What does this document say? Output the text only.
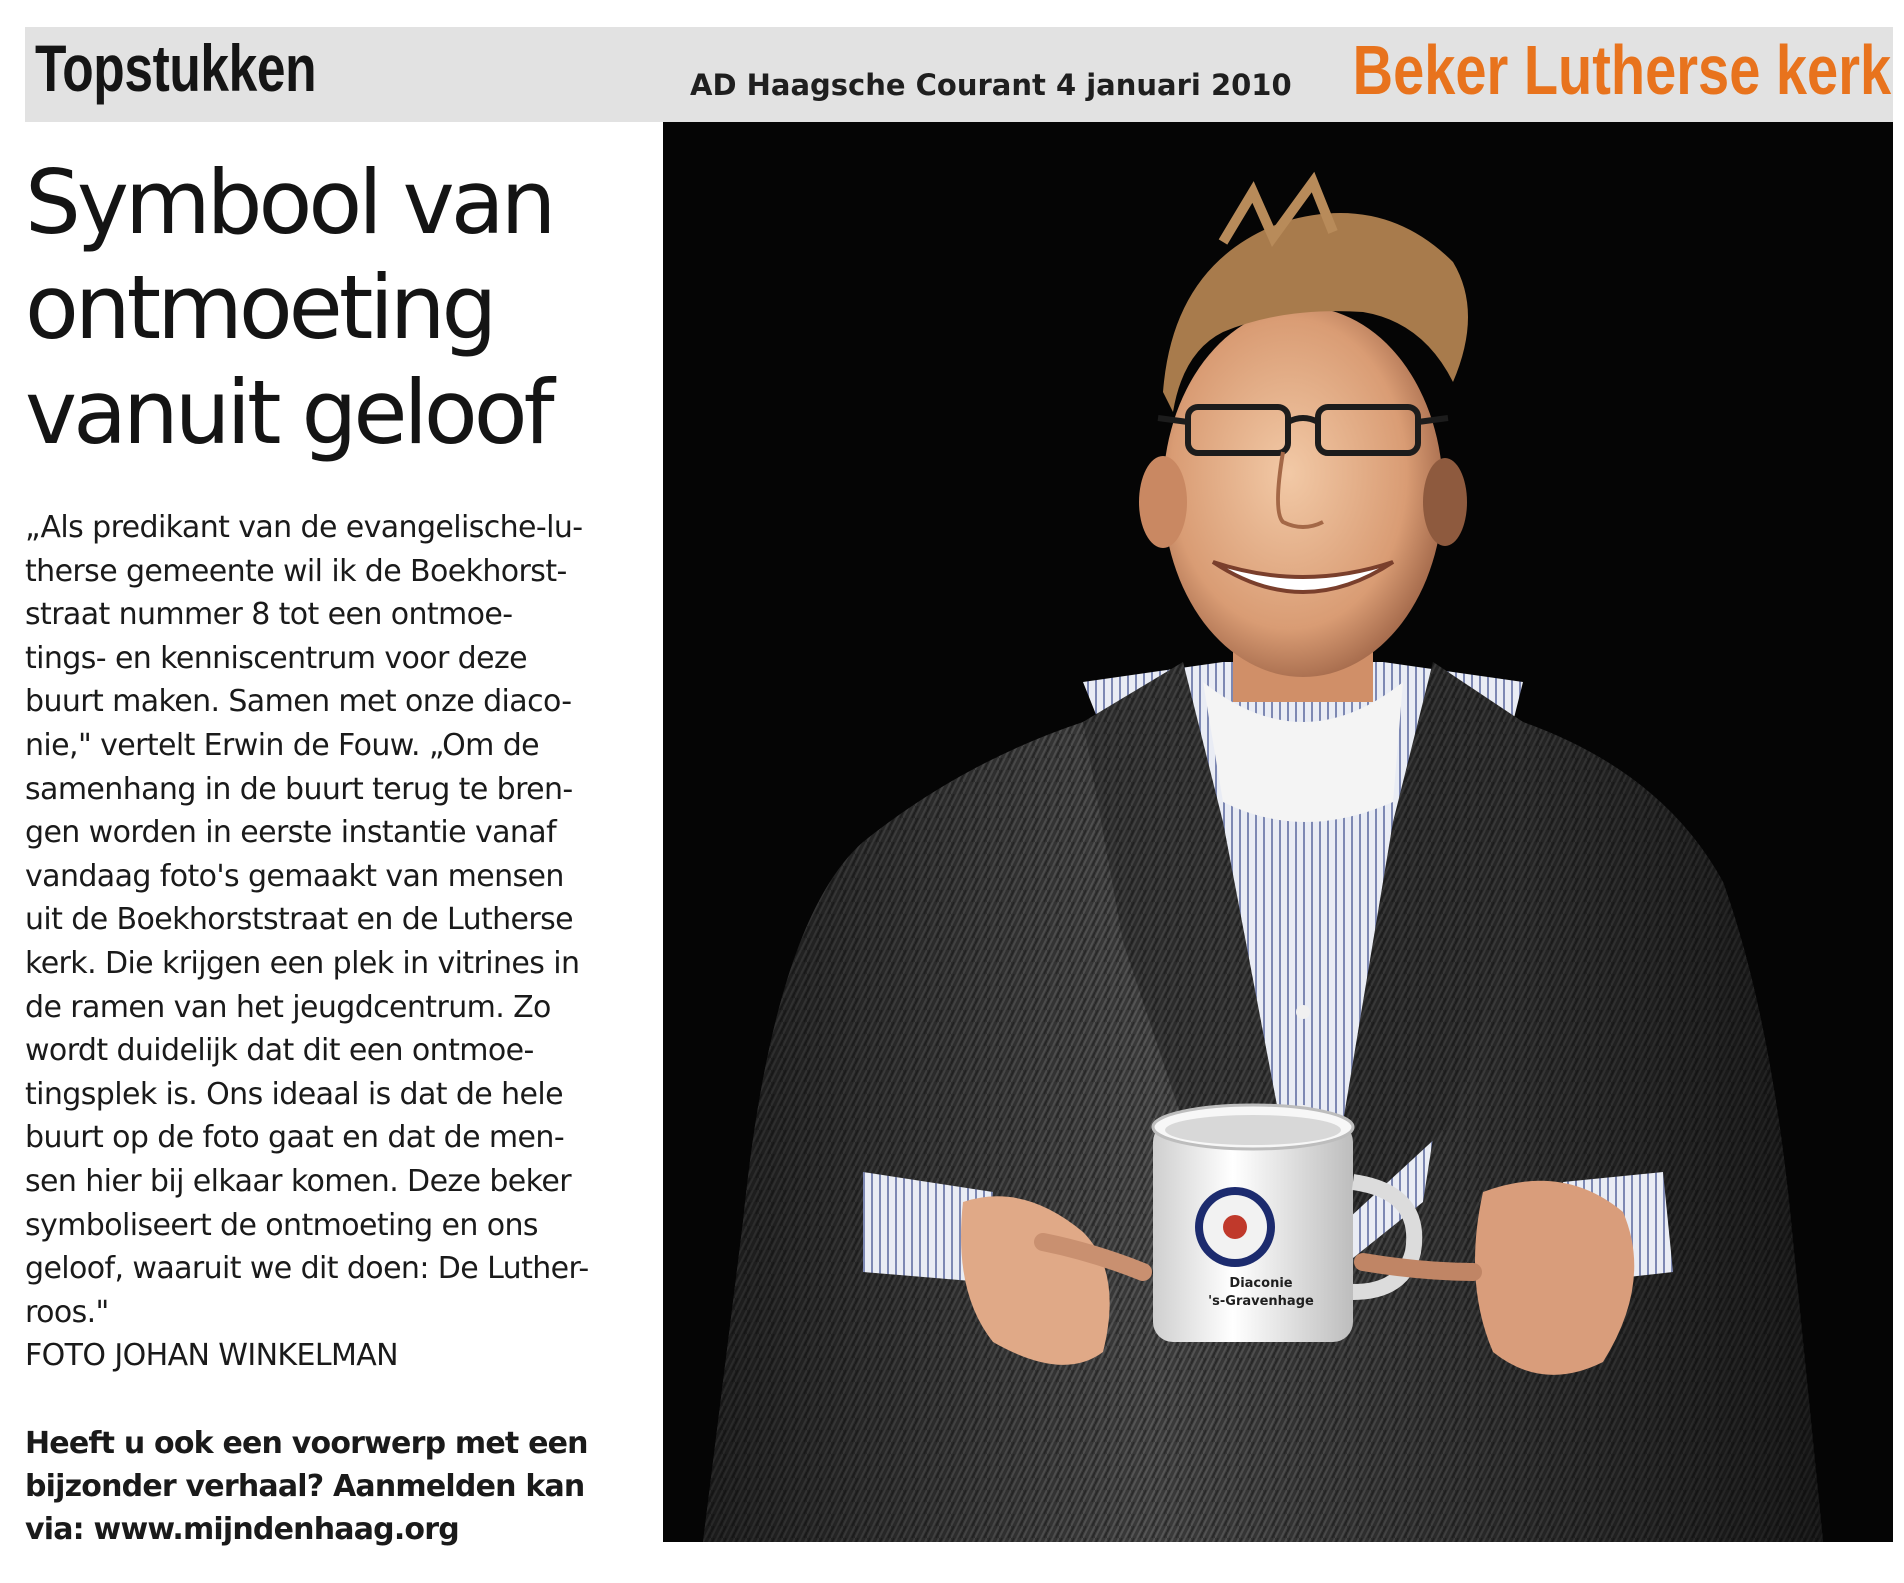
Topstukken	AD Haagsche Courant 4 januari 2010 Beker Lutherse kerk
Symbool van
ontmoeting
vanuit geloof
„Als predikant van de evangelische-lu-
therse gemeente wil ik de Boekhorst-
straat nummer 8 tot een ontmoe-
tings- en kenniscentrum voor deze
buurt maken. Samen met onze diaco-
nie," vertelt Erwin de Fouw. „Om de
samenhang in de buurt terug te bren-
gen worden in eerste instantie vanaf
vandaag foto's gemaakt van mensen
uit de Boekhorststraat en de Lutherse
kerk. Die krijgen een plek in vitrines in
de ramen van het jeugdcentrum. Zo
wordt duidelijk dat dit een ontmoe-
tingsplek is. Ons ideaal is dat de hele
buurt op de foto gaat en dat de men-
sen hier bij elkaar komen. Deze beker
symboliseert de ontmoeting en ons
geloof, waaruit we dit doen: De Luther-
roos."
FOTO JOHAN WINKELMAN
Heeft u ook een voorwerp met een
bijzonder verhaal? Aanmelden kan
via: www.mijndenhaag.org
Diaconie
's-Gravenhage
